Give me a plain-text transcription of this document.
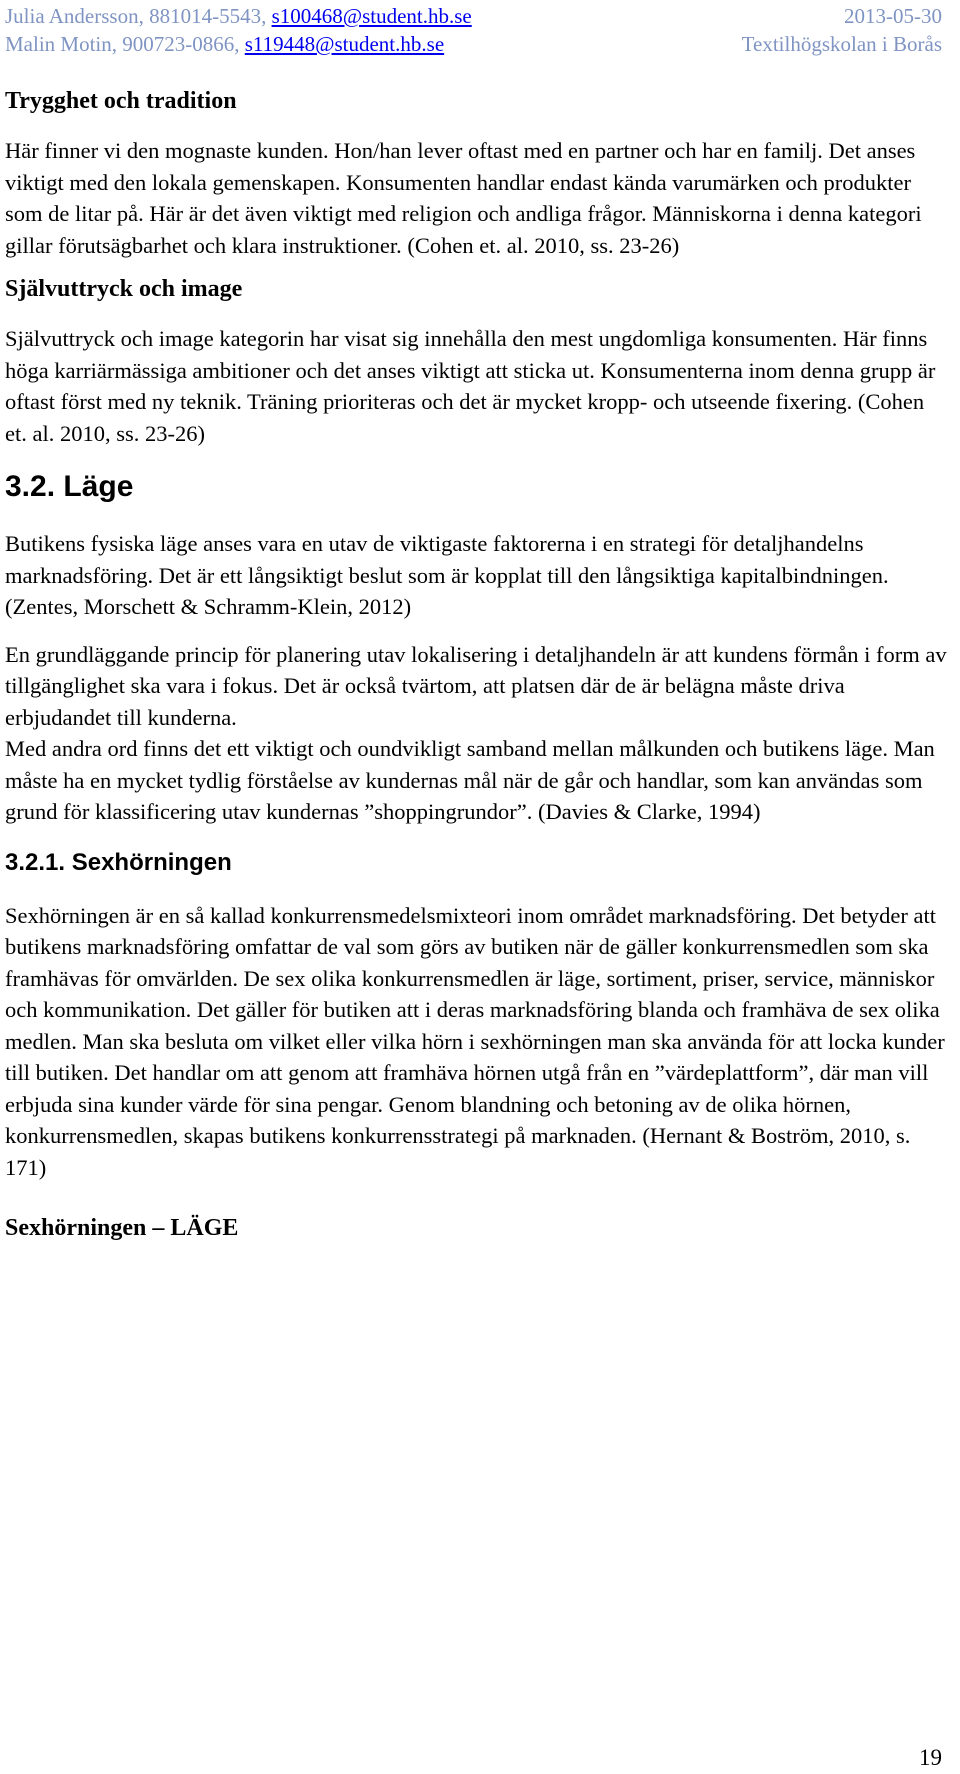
Julia Andersson, 881014-5543, s100468@student.hb.se	2013-05-30
Malin Motin, 900723-0866, s119448@student.hb.se	Textilhögskolan i Borås
Trygghet och tradition

Här finner vi den mognaste kunden. Hon/han lever oftast med en partner och har en familj. Det anses viktigt med den lokala gemenskapen. Konsumenten handlar endast kända varumärken och produkter som de litar på. Här är det även viktigt med religion och andliga frågor. Människorna i denna kategori gillar förutsägbarhet och klara instruktioner. (Cohen et. al. 2010, ss. 23-26)

Självuttryck och image

Självuttryck och image kategorin har visat sig innehålla den mest ungdomliga konsumenten. Här finns höga karriärmässiga ambitioner och det anses viktigt att sticka ut. Konsumenterna inom denna grupp är oftast först med ny teknik. Träning prioriteras och det är mycket kropp- och utseende fixering. (Cohen et. al. 2010, ss. 23-26)

3.2. Läge

Butikens fysiska läge anses vara en utav de viktigaste faktorerna i en strategi för detaljhandelns marknadsföring. Det är ett långsiktigt beslut som är kopplat till den långsiktiga kapitalbindningen. (Zentes, Morschett & Schramm-Klein, 2012)

En grundläggande princip för planering utav lokalisering i detaljhandeln är att kundens förmån i form av tillgänglighet ska vara i fokus. Det är också tvärtom, att platsen där de är belägna måste driva erbjudandet till kunderna.

Med andra ord finns det ett viktigt och oundvikligt samband mellan målkunden och butikens läge. Man måste ha en mycket tydlig förståelse av kundernas mål när de går och handlar, som kan användas som grund för klassificering utav kundernas ”shoppingrundor”. (Davies & Clarke, 1994)

3.2.1. Sexhörningen

Sexhörningen är en så kallad konkurrensmedelsmixteori inom området marknadsföring. Det betyder att butikens marknadsföring omfattar de val som görs av butiken när de gäller konkurrensmedlen som ska framhävas för omvärlden. De sex olika konkurrensmedlen är läge, sortiment, priser, service, människor och kommunikation. Det gäller för butiken att i deras marknadsföring blanda och framhäva de sex olika medlen. Man ska besluta om vilket eller vilka hörn i sexhörningen man ska använda för att locka kunder till butiken. Det handlar om att genom att framhäva hörnen utgå från en ”värdeplattform”, där man vill erbjuda sina kunder värde för sina pengar. Genom blandning och betoning av de olika hörnen, konkurrensmedlen, skapas butikens konkurrensstrategi på marknaden. (Hernant & Boström, 2010, s. 171)

Sexhörningen – LÄGE
19
